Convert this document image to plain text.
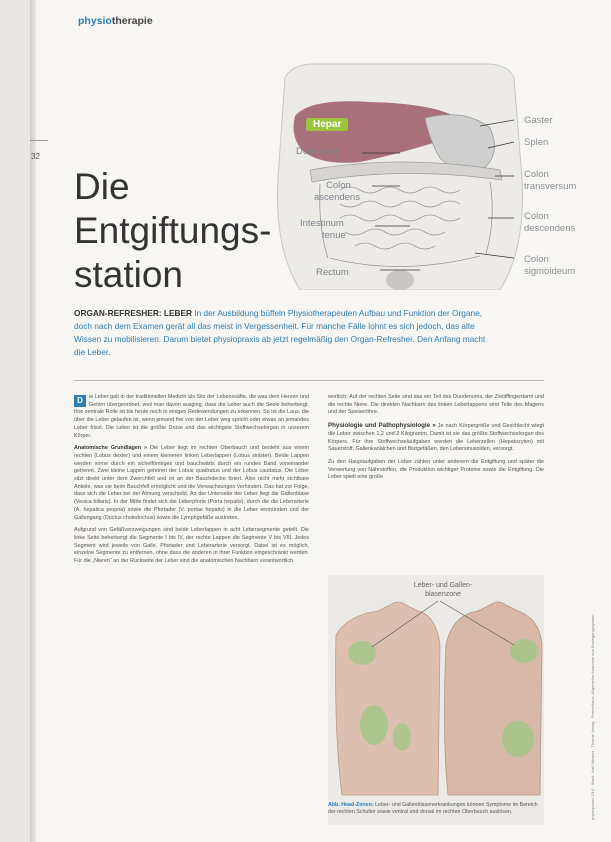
physiotherapie
32
Die
Entgiftungs-
station
Hepar
Duodenum
Colon
ascendens
Intestinum
tenue
Rectum
Gaster
Splen
Colon
transversum
Colon
descendens
Colon
sigmoideum
ORGAN-REFRESHER: LEBER In der Ausbildung büffeln Physiotherapeuten Aufbau und Funktion der Organe, doch nach dem Examen gerät all das meist in Vergessenheit. Für manche Fälle lohnt es sich jedoch, das alte Wissen zu mobilisieren. Darum bietet physiopraxis ab jetzt regelmäßig den Organ-Refresher. Den Anfang macht die Leber.

D	ie Leber galt in der traditionellen Medizin als Sitz der Lebenssäfte, die was dem Herzen und Gehirn übergeordnet, weil man davon ausging, dass die Leber auch die Seele beherbergt. Ihre zentrale Rolle ist bis heute noch in einigen Redewendungen zu erkennen. So ist die Laus, die über die Leber gelaufen ist, wenn jemand frei von der Leber weg spricht oder etwas an jemandes Leber frisst. Die Leber ist die größte Drüse und das wichtigste Stoffwechselorgan in unserem Körper.

Anatomische Grundlagen » Die Leber liegt im rechten Oberbauch und besteht aus einem rechten (Lobus dexter) und einem kleineren linken Leberlappen (Lobus sinister). Beide Lappen werden vorne durch ein sichelförmiges und bauchwärts durch ein rundes Band voneinander getrennt. Zwei kleine Lappen gehören der Lobus quadratus und der Lobus caudatus. Die Leber sitzt direkt unter dem Zwerchfell und ist an der Bauchdecke fixiert. Also nicht mehr sichtbare Anteile, was sie beim Bauchfell ermöglicht und die Verwachsungen verhindert. Das hat zur Folge, dass sich die Leber bei der Atmung verschiebt. An der Unterseite der Leber liegt die Gallenblase (Vesica biliaris). In der Mitte findet sich die Leberpforte (Porta hepatis), durch die die Leberarterie (A. hepatica propria) sowie die Pfortader (V. portae hepatis) in die Leber einmünden und der Gallengang (Ductus choledochus) sowie die Lymphgefäße austreten.

Aufgrund von Gefäßverzweigungen sind beide Leberlappen in acht Lebersegmente geteilt. Die linke Seite beherbergt die Segmente I bis IV, der rechte Lappen die Segmente V bis VIII. Jedes Segment wird jeweils von Galle, Pfortader und Leberarterie versorgt. Dabei ist es möglich, einzelne Segmente zu entfernen, ohne dass die anderen in ihrer Funktion eingeschränkt werden. Für die „Nieren“ an der Rückseite der Leber sind die anatomischen Nachbarn verantwortlich.

wortlich: Auf der rechten Seite sind das ein Teil des Duodenums, der Zwölffingerdarm und die rechte Niere. Die direkten Nachbarn des linken Leberlappens sind Teile des Magens und der Speiseröhre.

Physiologie und Pathophysiologie » Je nach Körpergröße und Geschlecht wiegt die Leber zwischen 1,2 und 2 Kilogramm. Damit ist sie das größte Stoffwechselorgan des Körpers. Für ihre Stoffwechselaufgaben werden die Leberzellen (Hepatozyten) mit Sauerstoff, Gallenkanälchen und Blutgefäßen, den Lebersinusoiden, versorgt.

Zu den Hauptaufgaben der Leber zählen unter anderem die Entgiftung und später die Verwertung von Nährstoffen, die Produktion wichtiger Proteine sowie die Entgiftung. Die Leber spielt eine große

Leber- und Gallen-
blasenzone
Abb. Head-Zonen: Leber- und Gallenblasenerkrankungen können Symptome im Bereich der rechten Schulter sowie ventral und dorsal im rechten Oberbauch auslösen.	physiopraxis 1/14 · Illustr.: Karl Wesker · Thieme Verlag · Prometheus. Allgemeine Anatomie und Bewegungssystem
